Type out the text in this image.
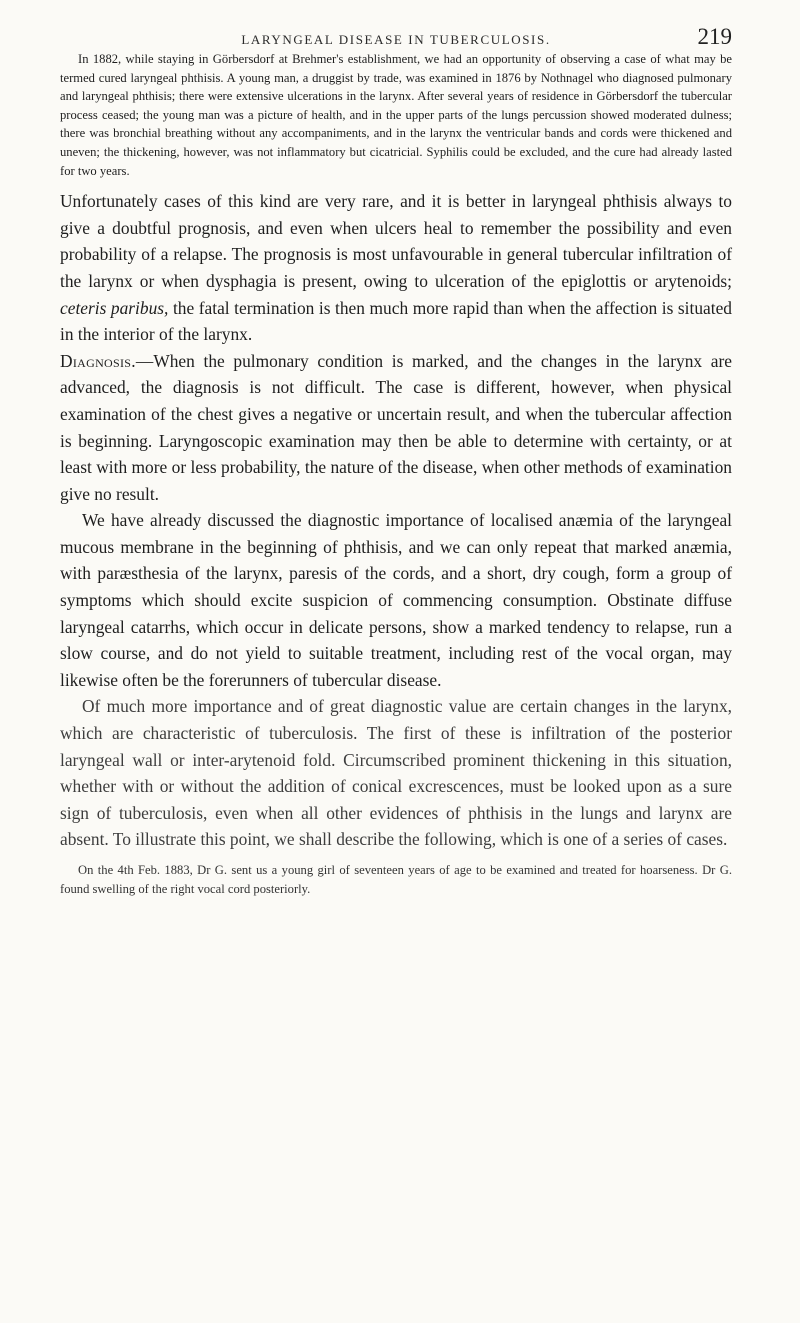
LARYNGEAL DISEASE IN TUBERCULOSIS.	219

In 1882, while staying in Görbersdorf at Brehmer's establishment, we had an opportunity of observing a case of what may be termed cured laryngeal phthisis. A young man, a druggist by trade, was examined in 1876 by Nothnagel who diagnosed pulmonary and laryngeal phthisis; there were extensive ulcerations in the larynx. After several years of residence in Görbersdorf the tubercular process ceased; the young man was a picture of health, and in the upper parts of the lungs percussion showed moderated dulness; there was bronchial breathing without any accompaniments, and in the larynx the ventricular bands and cords were thickened and uneven; the thickening, however, was not inflammatory but cicatricial. Syphilis could be excluded, and the cure had already lasted for two years.

Unfortunately cases of this kind are very rare, and it is better in laryngeal phthisis always to give a doubtful prognosis, and even when ulcers heal to remember the possibility and even probability of a relapse. The prognosis is most unfavourable in general tubercular infiltration of the larynx or when dysphagia is present, owing to ulceration of the epiglottis or arytenoids; ceteris paribus, the fatal termination is then much more rapid than when the affection is situated in the interior of the larynx.

Diagnosis.—When the pulmonary condition is marked, and the changes in the larynx are advanced, the diagnosis is not difficult. The case is different, however, when physical examination of the chest gives a negative or uncertain result, and when the tubercular affection is beginning. Laryngoscopic examination may then be able to determine with certainty, or at least with more or less probability, the nature of the disease, when other methods of examination give no result.

We have already discussed the diagnostic importance of localised anæmia of the laryngeal mucous membrane in the beginning of phthisis, and we can only repeat that marked anæmia, with paræsthesia of the larynx, paresis of the cords, and a short, dry cough, form a group of symptoms which should excite suspicion of commencing consumption. Obstinate diffuse laryngeal catarrhs, which occur in delicate persons, show a marked tendency to relapse, run a slow course, and do not yield to suitable treatment, including rest of the vocal organ, may likewise often be the forerunners of tubercular disease.

Of much more importance and of great diagnostic value are certain changes in the larynx, which are characteristic of tuberculosis. The first of these is infiltration of the posterior laryngeal wall or inter-arytenoid fold. Circumscribed prominent thickening in this situation, whether with or without the addition of conical excrescences, must be looked upon as a sure sign of tuberculosis, even when all other evidences of phthisis in the lungs and larynx are absent. To illustrate this point, we shall describe the following, which is one of a series of cases.

On the 4th Feb. 1883, Dr G. sent us a young girl of seventeen years of age to be examined and treated for hoarseness. Dr G. found swelling of the right vocal cord posteriorly.
